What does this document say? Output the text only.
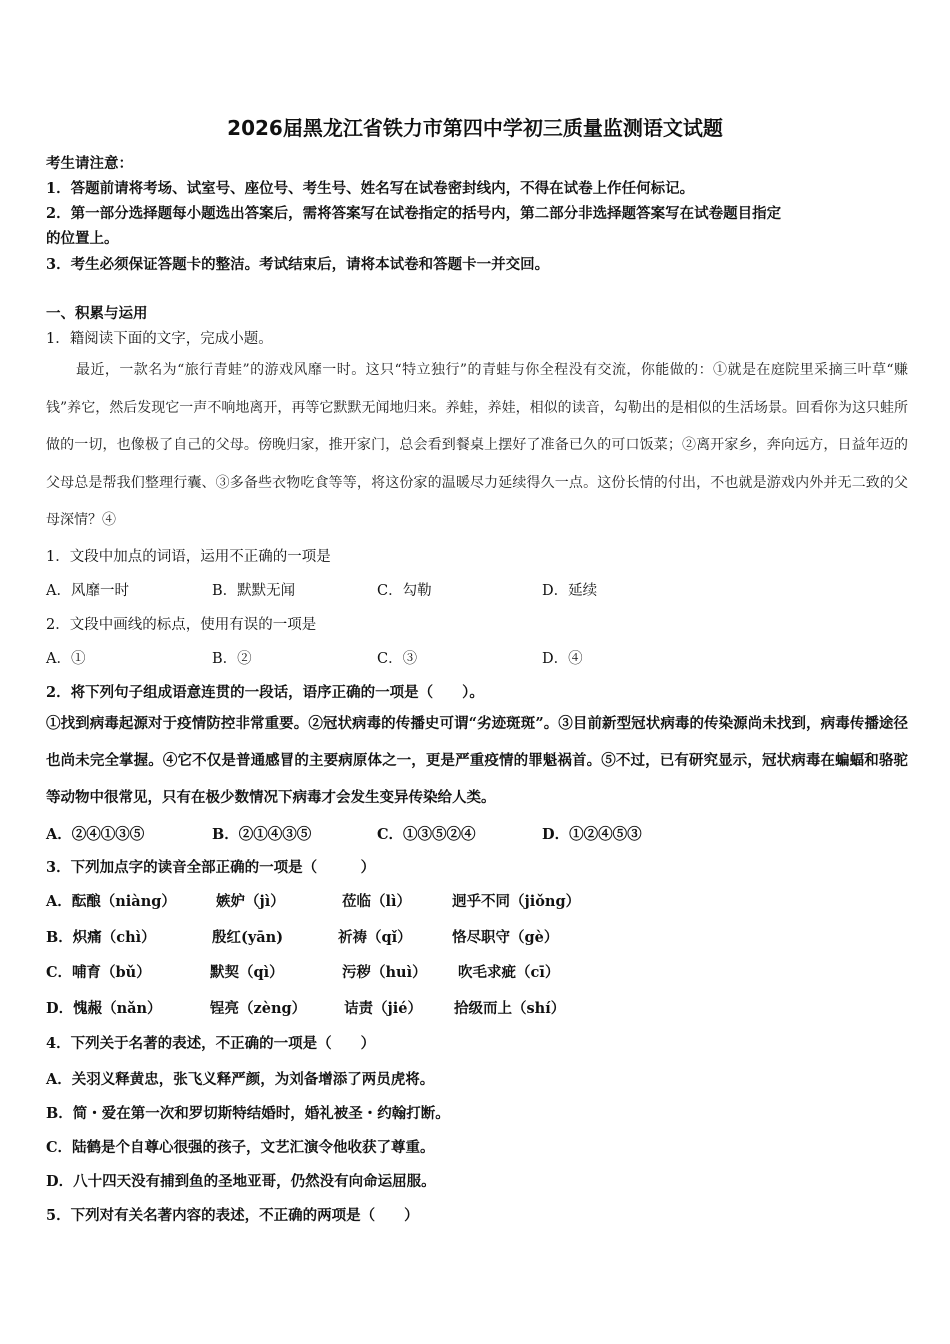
2026届黑龙江省铁力市第四中学初三质量监测语文试题
考生请注意：
1．答题前请将考场、试室号、座位号、考生号、姓名写在试卷密封线内，不得在试卷上作任何标记。
2．第一部分选择题每小题选出答案后，需将答案写在试卷指定的括号内，第二部分非选择题答案写在试卷题目指定
的位置上。
3．考生必须保证答题卡的整洁。考试结束后，请将本试卷和答题卡一并交回。
一、积累与运用
1．籍阅读下面的文字，完成小题。
最近，一款名为“旅行青蛙”的游戏风靡一时。这只“特立独行”的青蛙与你全程没有交流，你能做的：①就是在庭院里采摘三叶草“赚钱”养它，然后发现它一声不响地离开，再等它默默无闻地归来。养蛙，养娃，相似的读音，勾勒出的是相似的生活场景。回看你为这只蛙所做的一切，也像极了自己的父母。傍晚归家，推开家门，总会看到餐桌上摆好了准备已久的可口饭菜；②离开家乡，奔向远方，日益年迈的父母总是帮我们整理行囊、③多备些衣物吃食等等，将这份家的温暖尽力延续得久一点。这份长情的付出，不也就是游戏内外并无二致的父母深情？④
1．文段中加点的词语，运用不正确的一项是
A．风靡一时	B．默默无闻	C．勾勒	D．延续
2．文段中画线的标点，使用有误的一项是
A．①	B．②	C．③	D．④
2．将下列句子组成语意连贯的一段话，语序正确的一项是（　　）。
①找到病毒起源对于疫情防控非常重要。②冠状病毒的传播史可谓“劣迹斑斑”。③目前新型冠状病毒的传染源尚未找到，病毒传播途径也尚未完全掌握。④它不仅是普通感冒的主要病原体之一，更是严重疫情的罪魁祸首。⑤不过，已有研究显示，冠状病毒在蝙蝠和骆驼等动物中很常见，只有在极少数情况下病毒才会发生变异传染给人类。
A．②④①③⑤	B．②①④③⑤	C．①③⑤②④	D．①②④⑤③
3．下列加点字的读音全部正确的一项是（　　　）
A．酝酿（niàng）	嫉妒（jì）	莅临（lì）	迥乎不同（jiǒng）
B．炽痛（chì）	殷红(yān)	祈祷（qǐ）	恪尽职守（gè）
C．哺育（bǔ）	默契（qì）	污秽（huì） 吹毛求疵（cī）
D．愧赧（nǎn）	锃亮（zèng）	诘责（jié） 拾级而上（shí）
4．下列关于名著的表述，不正确的一项是（　　）
A．关羽义释黄忠，张飞义释严颜，为刘备增添了两员虎将。
B．简・爱在第一次和罗切斯特结婚时，婚礼被圣・约翰打断。
C．陆鹤是个自尊心很强的孩子，文艺汇演令他收获了尊重。
D．八十四天没有捕到鱼的圣地亚哥，仍然没有向命运屈服。
5．下列对有关名著内容的表述，不正确的两项是（　　）
